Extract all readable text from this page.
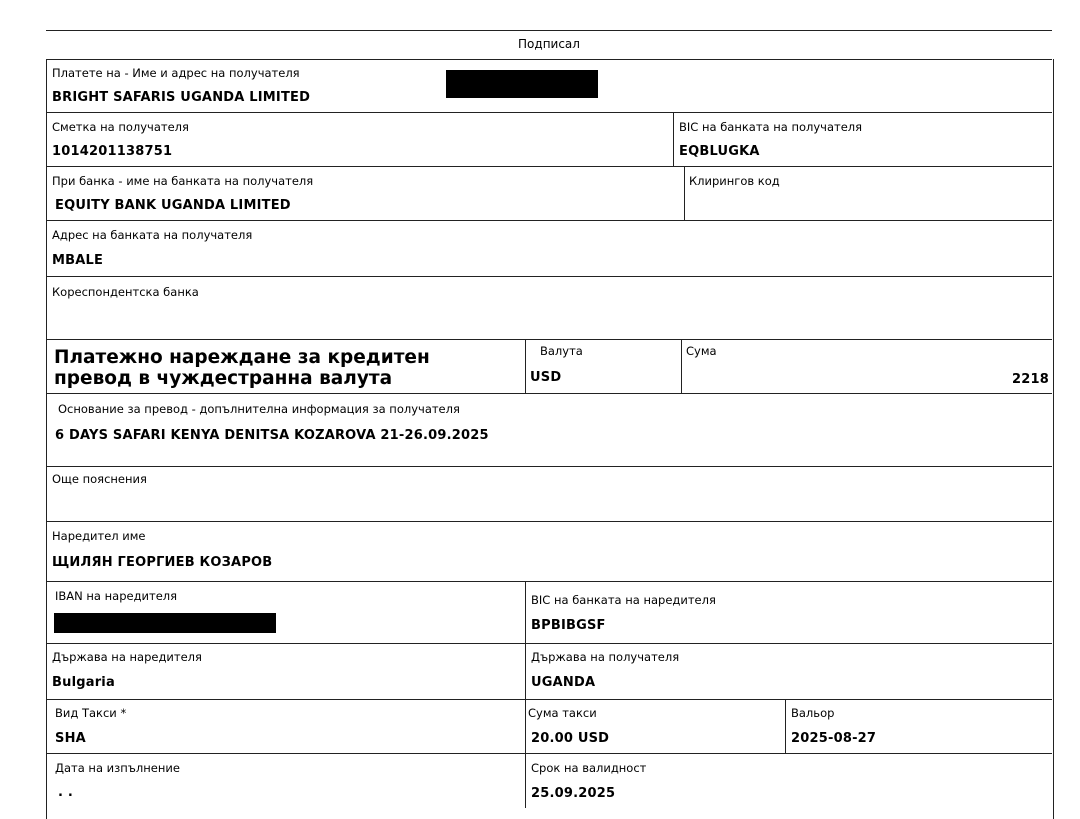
Подписал
Платете на - Име и адрес на получателя
BRIGHT SAFARIS UGANDA LIMITED
Сметка на получателя
1014201138751
BIC на банката на получателя
EQBLUGKA
При банка - име на банката на получателя
EQUITY BANK UGANDA LIMITED
Клирингов код
Адрес на банката на получателя
MBALE
Кореспондентска банка
Платежно нареждане за кредитен превод в чуждестранна валута
Валута
USD
Сума
2218
Основание за превод - допълнителна информация за получателя
6 DAYS SAFARI KENYA DENITSA KOZAROVA 21-26.09.2025
Още пояснения
Наредител име
ЩИЛЯН ГЕОРГИЕВ КОЗАРОВ
IBAN на наредителя	BIC на банката на наредителя
BPBIBGSF
Държава на наредителя
Bulgaria
Държава на получателя
UGANDA
Вид Такси *
SHA
Сума такси
20.00 USD
Вальор
2025-08-27
Дата на изпълнение
. .
Срок на валидност
25.09.2025
